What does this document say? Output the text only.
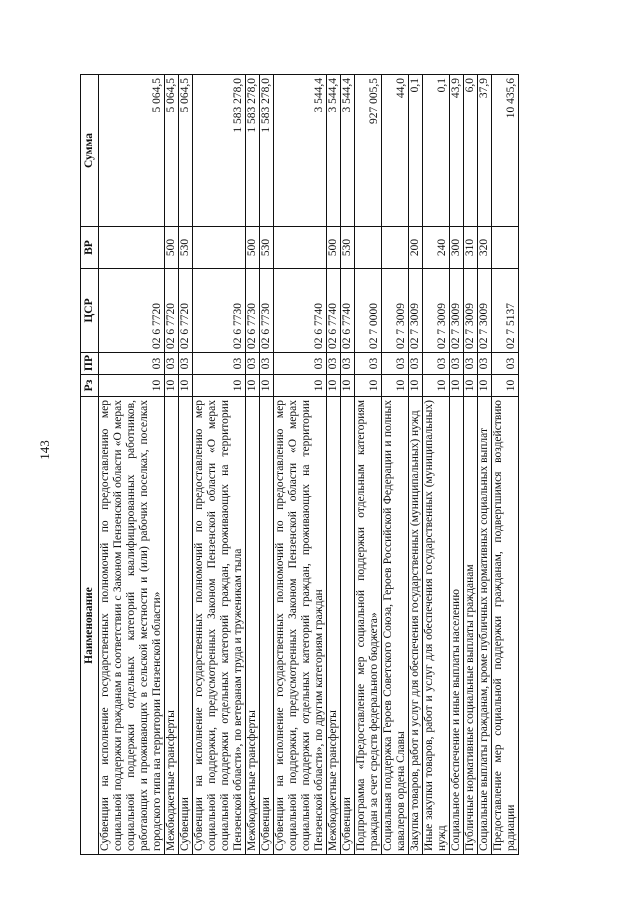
143
Наименование	Рз	ПР	ЦСР	ВР	Сумма
Субвенции на исполнение государственных полномочий по предоставлению мер социальной поддержки гражданам в соответствии с Законом Пензенской области «О мерах социальной поддержки отдельных категорий квалифицированных работников, работающих и проживающих в сельской местности и (или) рабочих поселках, поселках городского типа на территории Пензенской области»	10	03	02 6 7720		5 064,5
Межбюджетные трансферты	10	03	02 6 7720	500	5 064,5
Субвенции	10	03	02 6 7720	530	5 064,5
Субвенции на исполнение государственных полномочий по предоставлению мер социальной поддержки, предусмотренных Законом Пензенской области «О мерах социальной поддержки отдельных категорий граждан, проживающих на территории Пензенской области», по ветеранам труда и труженикам тыла	10	03	02 6 7730		1 583 278,0
Межбюджетные трансферты	10	03	02 6 7730	500	1 583 278,0
Субвенции	10	03	02 6 7730	530	1 583 278,0
Субвенции на исполнение государственных полномочий по предоставлению мер социальной поддержки, предусмотренных Законом Пензенской области «О мерах социальной поддержки отдельных категорий граждан, проживающих на территории Пензенской области», по другим категориям граждан	10	03	02 6 7740		3 544,4
Межбюджетные трансферты	10	03	02 6 7740	500	3 544,4
Субвенции	10	03	02 6 7740	530	3 544,4
Подпрограмма «Предоставление мер социальной поддержки отдельным категориям граждан за счет средств федерального бюджета»	10	03	02 7 0000		927 005,5
Социальная поддержка Героев Советского Союза, Героев Российской Федерации и полных кавалеров ордена Славы	10	03	02 7 3009		44,0
Закупка товаров, работ и услуг для обеспечения государственных (муниципальных) нужд	10	03	02 7 3009	200	0,1
Иные закупки товаров, работ и услуг для обеспечения государственных (муниципальных) нужд	10	03	02 7 3009	240	0,1
Социальное обеспечение и иные выплаты населению	10	03	02 7 3009	300	43,9
Публичные нормативные социальные выплаты гражданам	10	03	02 7 3009	310	6,0
Социальные выплаты гражданам, кроме публичных нормативных социальных выплат	10	03	02 7 3009	320	37,9
Предоставление мер социальной поддержки гражданам, подвергшимся воздействию радиации	10	03	02 7 5137		10 435,6
